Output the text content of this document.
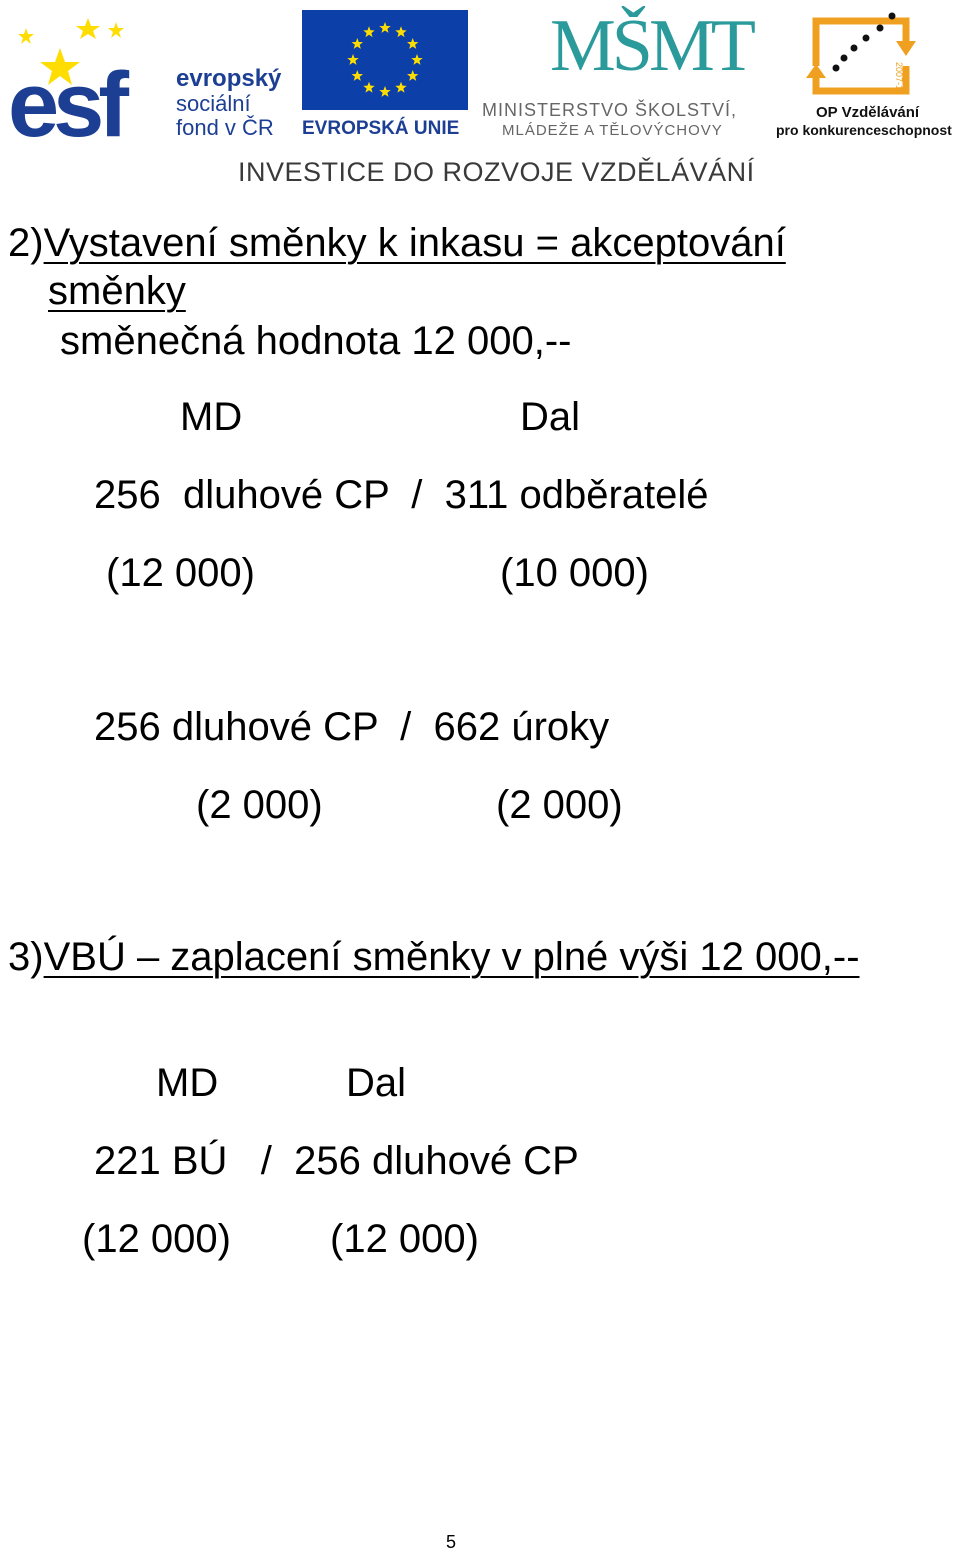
esf evropský
sociální
fond v ČR EVROPSKÁ UNIE
MŠMT
MINISTERSTVO ŠKOLSTVÍ,
MLÁDEŽE A TĚLOVÝCHOVY
2007-13
OP Vzdělávání
pro konkurenceschopnost
INVESTICE DO ROZVOJE VZDĚLÁVÁNÍ
2)Vystavení směnky k inkasu = akceptování
směnky
směnečná hodnota 12 000,--
MD	Dal
256  dluhové CP  /  311 odběratelé
(12 000)	(10 000)
256 dluhové CP  /  662 úroky
(2 000)	(2 000)
3)VBÚ – zaplacení směnky v plné výši 12 000,--
MD	Dal
221 BÚ   /  256 dluhové CP
(12 000) (12 000)
5
